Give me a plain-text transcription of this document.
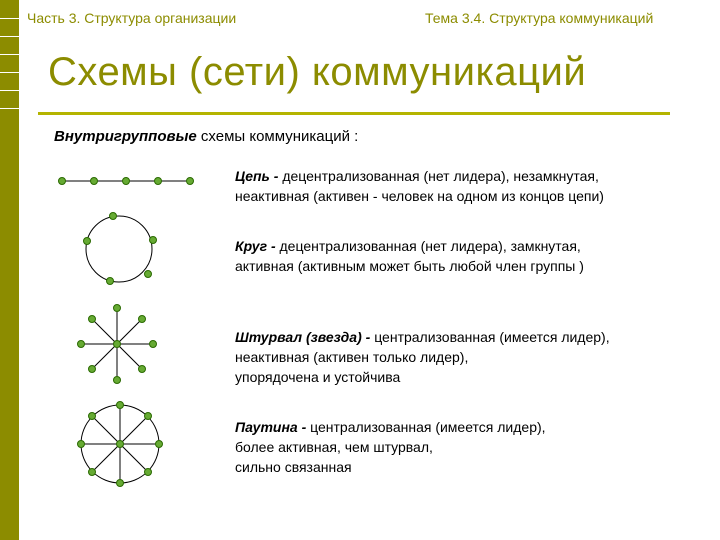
Часть 3. Структура организации	Тема 3.4. Структура коммуникаций
Схемы (сети) коммуникаций
Внутригрупповые схемы коммуникаций :
Цепь - децентрализованная (нет лидера), незамкнутая,
неактивная (активен - человек на одном из концов цепи)
Круг - децентрализованная (нет лидера), замкнутая,
активная (активным может быть любой член группы )
Штурвал (звезда) - централизованная (имеется лидер),
неактивная (активен только лидер),
упорядочена и устойчива
Паутина - централизованная (имеется лидер),
более активная, чем штурвал,
сильно связанная
